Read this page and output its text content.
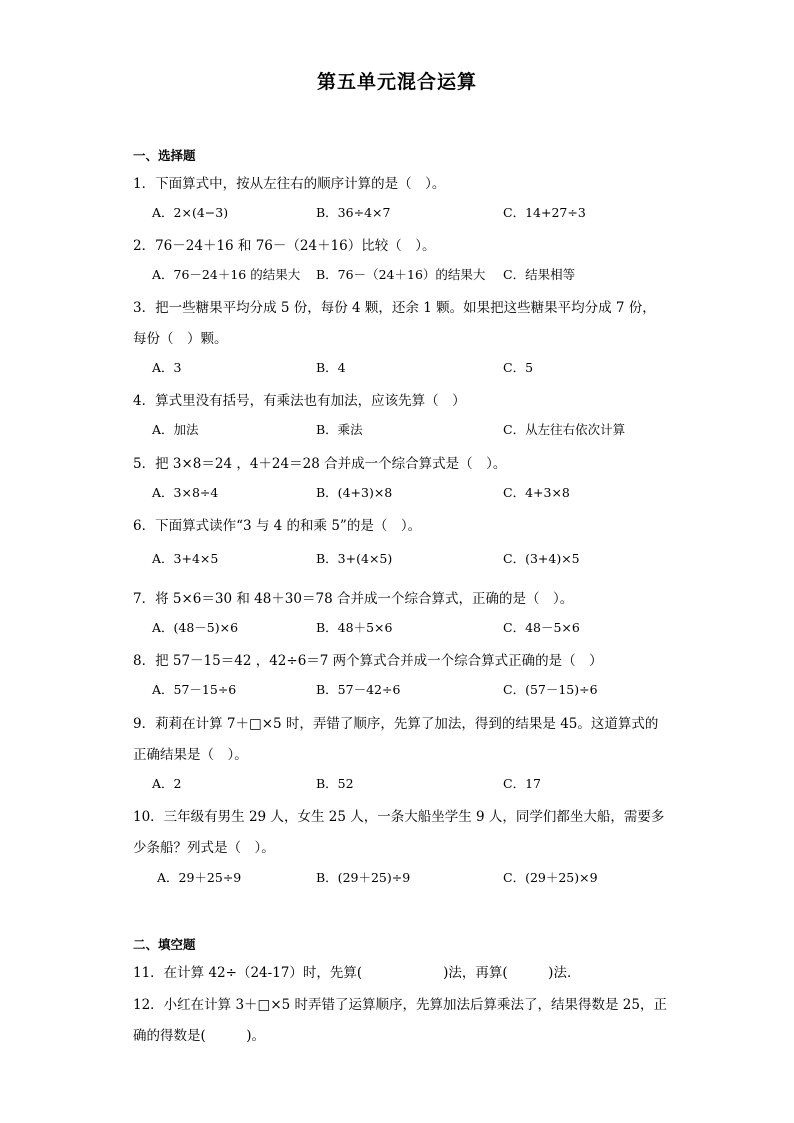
第五单元混合运算
一、选择题
1．下面算式中，按从左往右的顺序计算的是（　）。
A．2×(4−3)	B．36÷4×7	C．14+27÷3
2．76－24＋16 和 76－（24＋16）比较（　）。
A．76－24＋16 的结果大 B．76－（24＋16）的结果大 C．结果相等
3．把一些糖果平均分成 5 份，每份 4 颗，还余 1 颗。如果把这些糖果平均分成 7 份，
每份（　）颗。
A．3	B．4	C．5
4．算式里没有括号，有乘法也有加法，应该先算（　）
A．加法	B．乘法	C．从左往右依次计算
5．把 3×8＝24 ，4＋24＝28 合并成一个综合算式是（　）。
A．3×8÷4	B．(4+3)×8	C．4+3×8
6．下面算式读作“3 与 4 的和乘 5”的是（　）。
A．3+4×5	B．3+(4×5)	C．(3+4)×5
7．将 5×6＝30 和 48＋30＝78 合并成一个综合算式，正确的是（　）。
A．(48－5)×6	B．48＋5×6	C．48－5×6
8．把 57－15＝42 ，42÷6＝7 两个算式合并成一个综合算式正确的是（　）
A．57－15÷6	B．57－42÷6	C．(57－15)÷6
9．莉莉在计算 7＋□×5 时，弄错了顺序，先算了加法，得到的结果是 45。这道算式的
正确结果是（　）。
A．2	B．52	C．17
10．三年级有男生 29 人，女生 25 人，一条大船坐学生 9 人，同学们都坐大船，需要多
少条船？列式是（　）。
A．29＋25÷9	B．(29＋25)÷9	C．(29＋25)×9
二、填空题
11．在计算 42÷（24-17）时，先算(　　　　　　)法，再算(　　　)法．
12．小红在计算 3＋□×5 时弄错了运算顺序，先算加法后算乘法了，结果得数是 25，正
确的得数是(　　　)。
